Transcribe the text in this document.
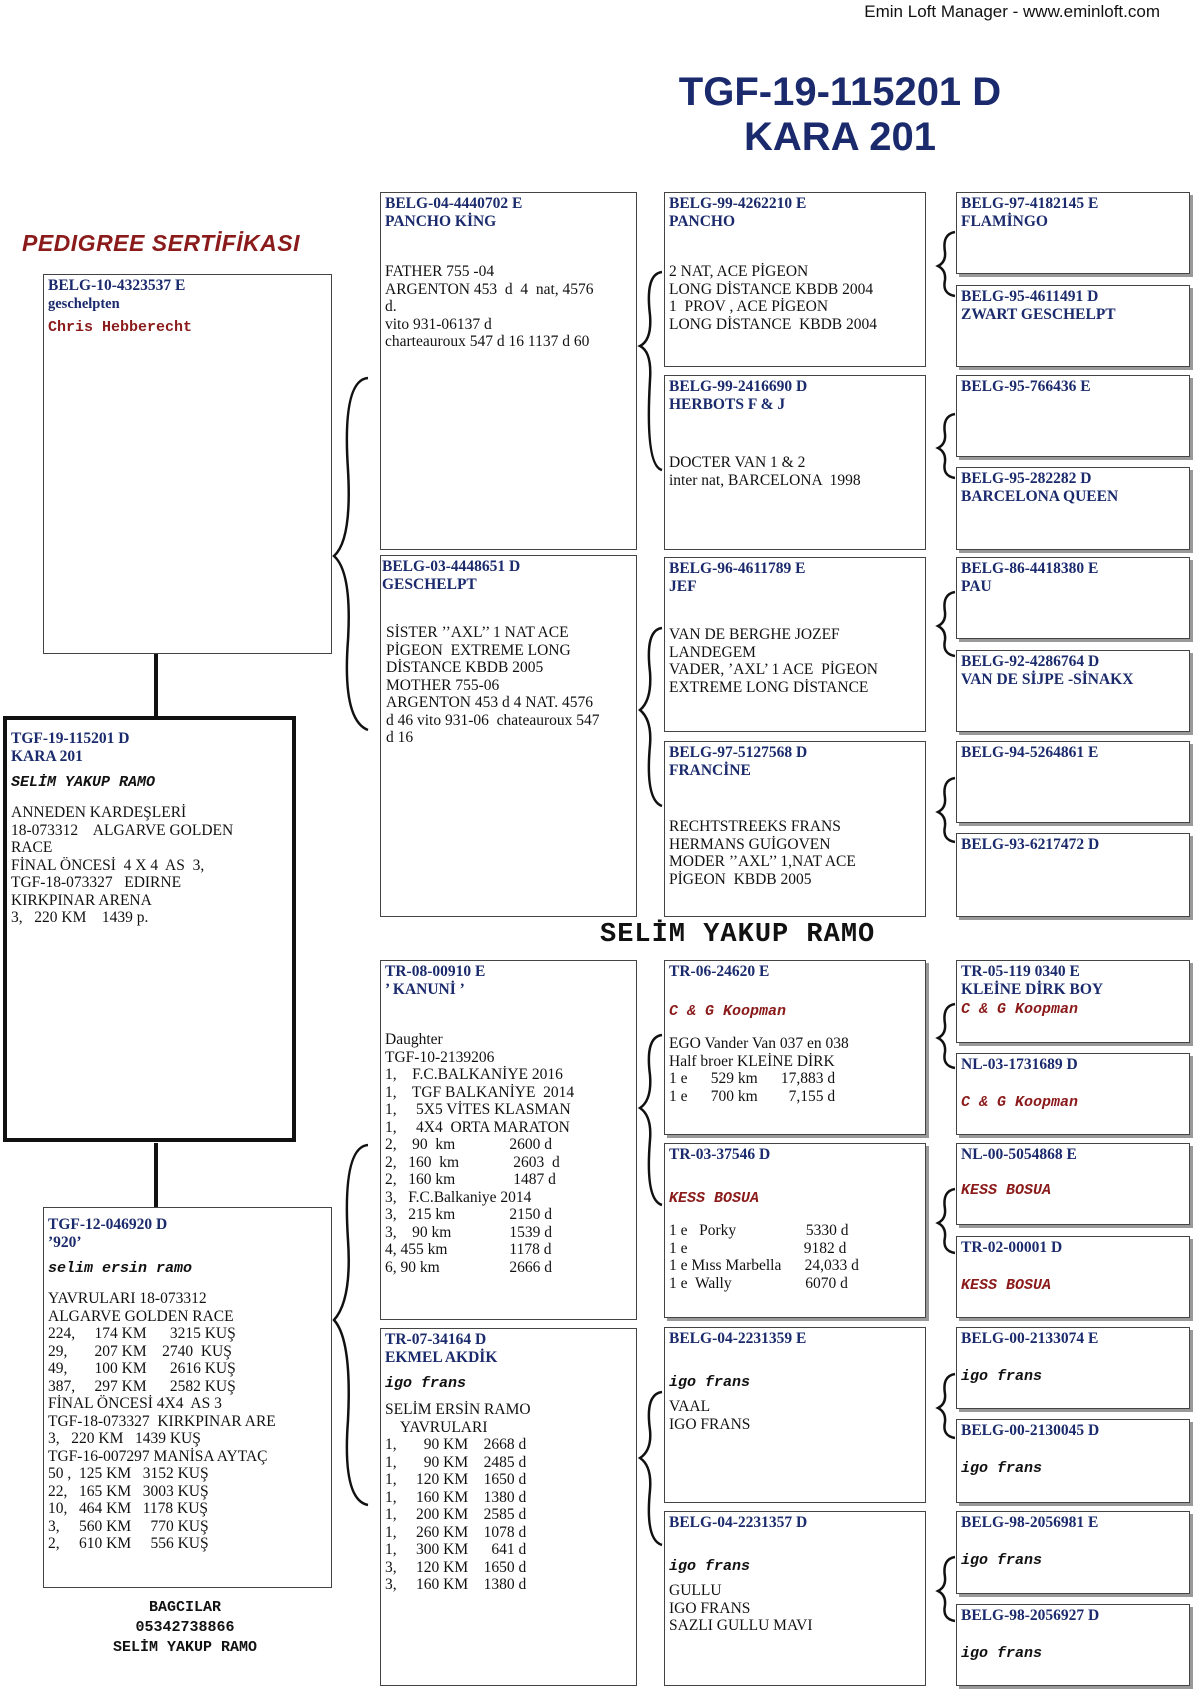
Emin Loft Manager - www.eminloft.com
TGF-19-115201 D
KARA 201
PEDIGREE SERTİFİKASI
BELG-10-4323537 E
geschelpten
Chris Hebberecht
TGF-19-115201 D
KARA 201
SELİM YAKUP RAMO
ANNEDEN KARDEŞLERİ
18-073312    ALGARVE GOLDEN
RACE
FİNAL ÖNCESİ  4 X 4  AS  3,
TGF-18-073327   EDIRNE
KIRKPINAR ARENA
3,   220 KM    1439 p.
TGF-12-046920 D
’920’
selim ersin ramo
YAVRULARI 18-073312
ALGARVE GOLDEN RACE
224,     174 KM      3215 KUŞ
29,       207 KM    2740  KUŞ
49,       100 KM      2616 KUŞ
387,     297 KM      2582 KUŞ
FİNAL ÖNCESİ 4X4  AS 3
TGF-18-073327  KIRKPINAR ARE
3,   220 KM   1439 KUŞ
TGF-16-007297 MANİSA AYTAÇ
50 ,  125 KM   3152 KUŞ
22,   165 KM   3003 KUŞ
10,   464 KM   1178 KUŞ
3,     560 KM     770 KUŞ
2,     610 KM     556 KUŞ
BAGCILAR
05342738866
SELİM YAKUP RAMO
BELG-04-4440702 E
PANCHO KİNG
FATHER 755 -04
ARGENTON 453  d  4  nat, 4576
d.
vito 931-06137 d
charteauroux 547 d 16 1137 d 60
BELG-03-4448651 D
GESCHELPT
SİSTER ’’AXL’’ 1 NAT ACE
PİGEON  EXTREME LONG
DİSTANCE KBDB 2005
MOTHER 755-06
ARGENTON 453 d 4 NAT. 4576
d 46 vito 931-06  chateauroux 547
d 16
TR-08-00910 E
’ KANUNİ ’
Daughter
TGF-10-2139206
1,    F.C.BALKANİYE 2016
1,    TGF BALKANİYE  2014
1,     5X5 VİTES KLASMAN
1,     4X4  ORTA MARATON
2,    90  km              2600 d
2,   160  km              2603  d
2,   160 km               1487 d
3,   F.C.Balkaniye 2014
3,   215 km              2150 d
3,    90 km               1539 d
4, 455 km                1178 d
6, 90 km                  2666 d
TR-07-34164 D
EKMEL AKDİK
igo frans
SELİM ERSİN RAMO
YAVRULARI
1,       90 KM    2668 d
1,       90 KM    2485 d
1,     120 KM    1650 d
1,     160 KM    1380 d
1,     200 KM    2585 d
1,     260 KM    1078 d
1,     300 KM      641 d
3,     120 KM    1650 d
3,     160 KM    1380 d
BELG-99-4262210 E
PANCHO
2 NAT, ACE PİGEON
LONG DİSTANCE KBDB 2004
1  PROV , ACE PİGEON
LONG DİSTANCE  KBDB 2004
BELG-99-2416690 D
HERBOTS F & J
DOCTER VAN 1 & 2
inter nat, BARCELONA  1998
BELG-96-4611789 E
JEF
VAN DE BERGHE JOZEF
LANDEGEM
VADER, ’AXL’ 1 ACE  PİGEON
EXTREME LONG DİSTANCE
BELG-97-5127568 D
FRANCİNE
RECHTSTREEKS FRANS
HERMANS GUİGOVEN
MODER ’’AXL’’ 1,NAT ACE
PİGEON  KBDB 2005
SELİM YAKUP RAMO
TR-06-24620 E
C & G Koopman
EGO Vander Van 037 en 038
Half broer KLEİNE DİRK
1 e      529 km      17,883 d
1 e      700 km        7,155 d
TR-03-37546 D
KESS BOSUA
1 e   Porky                  5330 d
1 e                              9182 d
1 e Mıss Marbella      24,033 d
1 e  Wally                   6070 d
BELG-04-2231359 E
igo frans
VAAL
IGO FRANS
BELG-04-2231357 D
igo frans
GULLU
IGO FRANS
SAZLI GULLU MAVI
BELG-97-4182145 E
FLAMİNGO
BELG-95-4611491 D
ZWART GESCHELPT
BELG-95-766436 E
BELG-95-282282 D
BARCELONA QUEEN
BELG-86-4418380 E
PAU
BELG-92-4286764 D
VAN DE SİJPE -SİNAKX
BELG-94-5264861 E
BELG-93-6217472 D
TR-05-119 0340 E
KLEİNE DİRK BOY
C & G Koopman
NL-03-1731689 D
C & G Koopman
NL-00-5054868 E
KESS BOSUA
TR-02-00001 D
KESS BOSUA
BELG-00-2133074 E
igo frans
BELG-00-2130045 D
igo frans
BELG-98-2056981 E
igo frans
BELG-98-2056927 D
igo frans
